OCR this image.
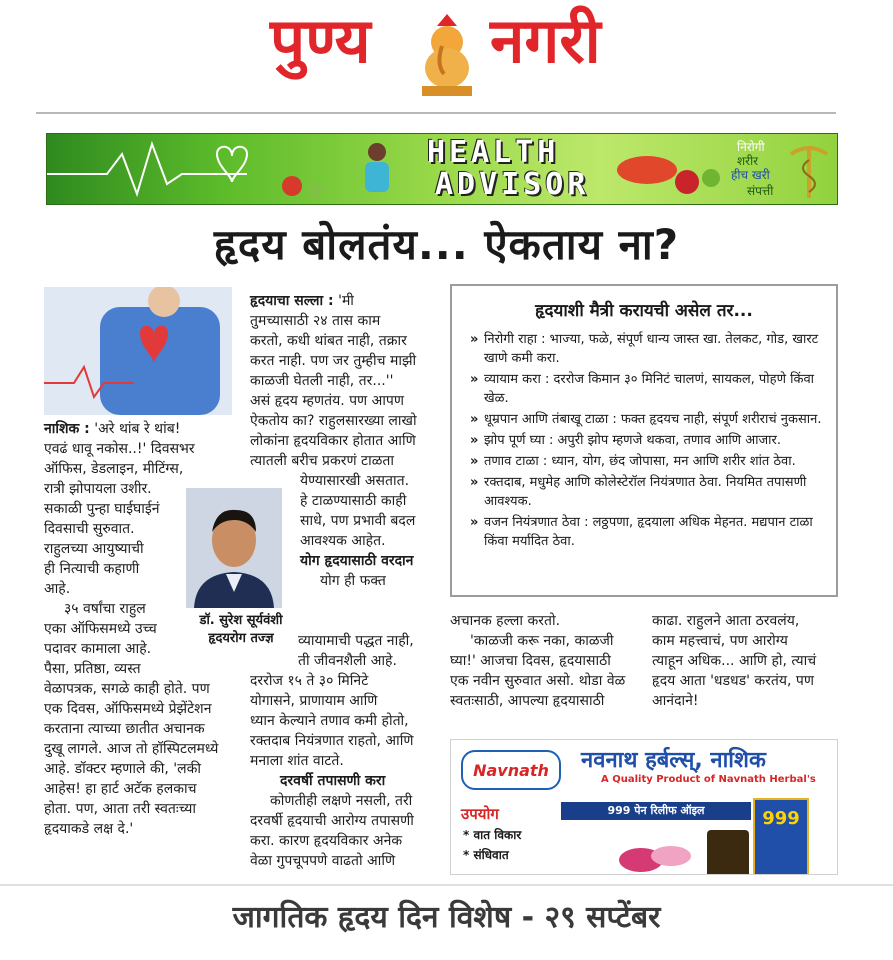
पुण्य नगरी
HEALTH
ADVISOR
निरोगी
शरीर
हीच खरी
संपत्ती
हृदय बोलतंय... ऐकताय ना?
नाशिक : 'अरे थांब रे थांब!
एवढं धावू नकोस..!' दिवसभर
ऑफिस, डेडलाइन, मीटिंग्स,
रात्री झोपायला उशीर.
सकाळी पुन्हा घाईघाईनं
दिवसाची सुरुवात.
राहुलच्या आयुष्याची
ही नित्याची कहाणी
आहे.
३५ वर्षांचा राहुल
एका ऑफिसमध्ये उच्च
पदावर कामाला आहे.
पैसा, प्रतिष्ठा, व्यस्त
वेळापत्रक, सगळे काही होते. पण
एक दिवस, ऑफिसमध्ये प्रेझेंटेशन
करताना त्याच्या छातीत अचानक
दुखू लागले. आज तो हॉस्पिटलमध्ये
आहे. डॉक्टर म्हणाले की, 'लकी
आहेस! हा हार्ट अटॅक हलकाच
होता. पण, आता तरी स्वतःच्या
हृदयाकडे लक्ष दे.'
डॉ. सुरेश सूर्यवंशी
हृदयरोग तज्ज्ञ
हृदयाचा सल्ला : 'मी
तुमच्यासाठी २४ तास काम
करतो, कधी थांबत नाही, तक्रार
करत नाही. पण जर तुम्हीच माझी
काळजी घेतली नाही, तर...''
असं हृदय म्हणतंय. पण आपण
ऐकतोय का? राहुलसारख्या लाखो
लोकांना हृदयविकार होतात आणि
त्यातली बरीच प्रकरणं टाळता
येण्यासारखी असतात.
हे टाळण्यासाठी काही
साधे, पण प्रभावी बदल
आवश्यक आहेत.
योग हृदयासाठी वरदान
योग ही फक्त
व्यायामाची पद्धत नाही,
ती जीवनशैली आहे.
दररोज १५ ते ३० मिनिटे
योगासने, प्राणायाम आणि
ध्यान केल्याने तणाव कमी होतो,
रक्तदाब नियंत्रणात राहतो, आणि
मनाला शांत वाटते.
दरवर्षी तपासणी करा
कोणतीही लक्षणे नसली, तरी
दरवर्षी हृदयाची आरोग्य तपासणी
करा. कारण हृदयविकार अनेक
वेळा गुपचूपपणे वाढतो आणि
हृदयाशी मैत्री करायची असेल तर...
» निरोगी राहा : भाज्या, फळे, संपूर्ण धान्य जास्त खा. तेलकट, गोड, खारट खाणे कमी करा.
» व्यायाम करा : दररोज किमान ३० मिनिटं चालणं, सायकल, पोहणे किंवा खेळ.
» धूम्रपान आणि तंबाखू टाळा : फक्त हृदयच नाही, संपूर्ण शरीराचं नुकसान.
» झोप पूर्ण घ्या : अपुरी झोप म्हणजे थकवा, तणाव आणि आजार.
» तणाव टाळा : ध्यान, योग, छंद जोपासा, मन आणि शरीर शांत ठेवा.
» रक्तदाब, मधुमेह आणि कोलेस्टेरॉल नियंत्रणात ठेवा. नियमित तपासणी आवश्यक.
» वजन नियंत्रणात ठेवा : लठ्ठपणा, हृदयाला अधिक मेहनत. मद्यपान टाळा किंवा मर्यादित ठेवा.
अचानक हल्ला करतो.
'काळजी करू नका, काळजी
घ्या!' आजचा दिवस, हृदयासाठी
एक नवीन सुरुवात असो. थोडा वेळ
स्वतःसाठी, आपल्या हृदयासाठी
काढा. राहुलने आता ठरवलंय,
काम महत्त्वाचं, पण आरोग्य
त्याहून अधिक... आणि हो, त्याचं
हृदय आता 'धडधड' करतंय, पण
आनंदाने!
Navnath	नवनाथ हर्बल्स्, नाशिक
A Quality Product of Navnath Herbal's
999 पेन रिलीफ ऑइल
उपयोग
* वात विकार
* संधिवात
999
जागतिक हृदय दिन विशेष - २९ सप्टेंबर
